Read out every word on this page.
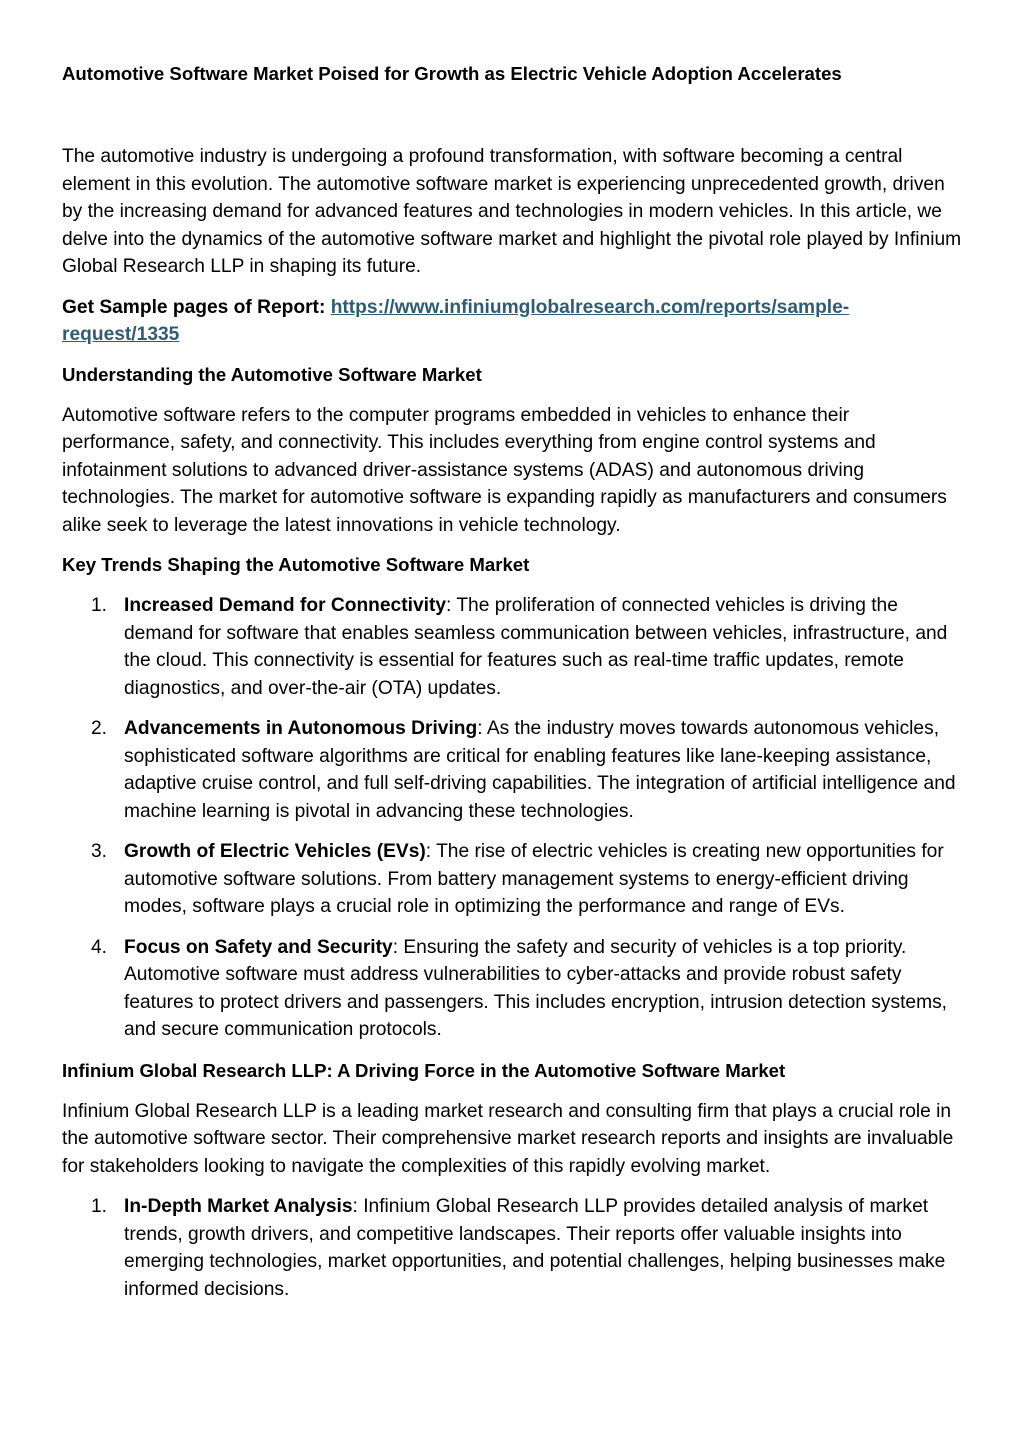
Automotive Software Market Poised for Growth as Electric Vehicle Adoption Accelerates

The automotive industry is undergoing a profound transformation, with software becoming a central element in this evolution. The automotive software market is experiencing unprecedented growth, driven by the increasing demand for advanced features and technologies in modern vehicles. In this article, we delve into the dynamics of the automotive software market and highlight the pivotal role played by Infinium Global Research LLP in shaping its future.

Get Sample pages of Report: https://www.infiniumglobalresearch.com/reports/sample-request/1335

Understanding the Automotive Software Market

Automotive software refers to the computer programs embedded in vehicles to enhance their performance, safety, and connectivity. This includes everything from engine control systems and infotainment solutions to advanced driver-assistance systems (ADAS) and autonomous driving technologies. The market for automotive software is expanding rapidly as manufacturers and consumers alike seek to leverage the latest innovations in vehicle technology.

Key Trends Shaping the Automotive Software Market
1. Increased Demand for Connectivity: The proliferation of connected vehicles is driving the demand for software that enables seamless communication between vehicles, infrastructure, and the cloud. This connectivity is essential for features such as real-time traffic updates, remote diagnostics, and over-the-air (OTA) updates.
2. Advancements in Autonomous Driving: As the industry moves towards autonomous vehicles, sophisticated software algorithms are critical for enabling features like lane-keeping assistance, adaptive cruise control, and full self-driving capabilities. The integration of artificial intelligence and machine learning is pivotal in advancing these technologies.
3. Growth of Electric Vehicles (EVs): The rise of electric vehicles is creating new opportunities for automotive software solutions. From battery management systems to energy-efficient driving modes, software plays a crucial role in optimizing the performance and range of EVs.
4. Focus on Safety and Security: Ensuring the safety and security of vehicles is a top priority. Automotive software must address vulnerabilities to cyber-attacks and provide robust safety features to protect drivers and passengers. This includes encryption, intrusion detection systems, and secure communication protocols.
Infinium Global Research LLP: A Driving Force in the Automotive Software Market

Infinium Global Research LLP is a leading market research and consulting firm that plays a crucial role in the automotive software sector. Their comprehensive market research reports and insights are invaluable for stakeholders looking to navigate the complexities of this rapidly evolving market.

1. In-Depth Market Analysis: Infinium Global Research LLP provides detailed analysis of market trends, growth drivers, and competitive landscapes. Their reports offer valuable insights into emerging technologies, market opportunities, and potential challenges, helping businesses make informed decisions.
